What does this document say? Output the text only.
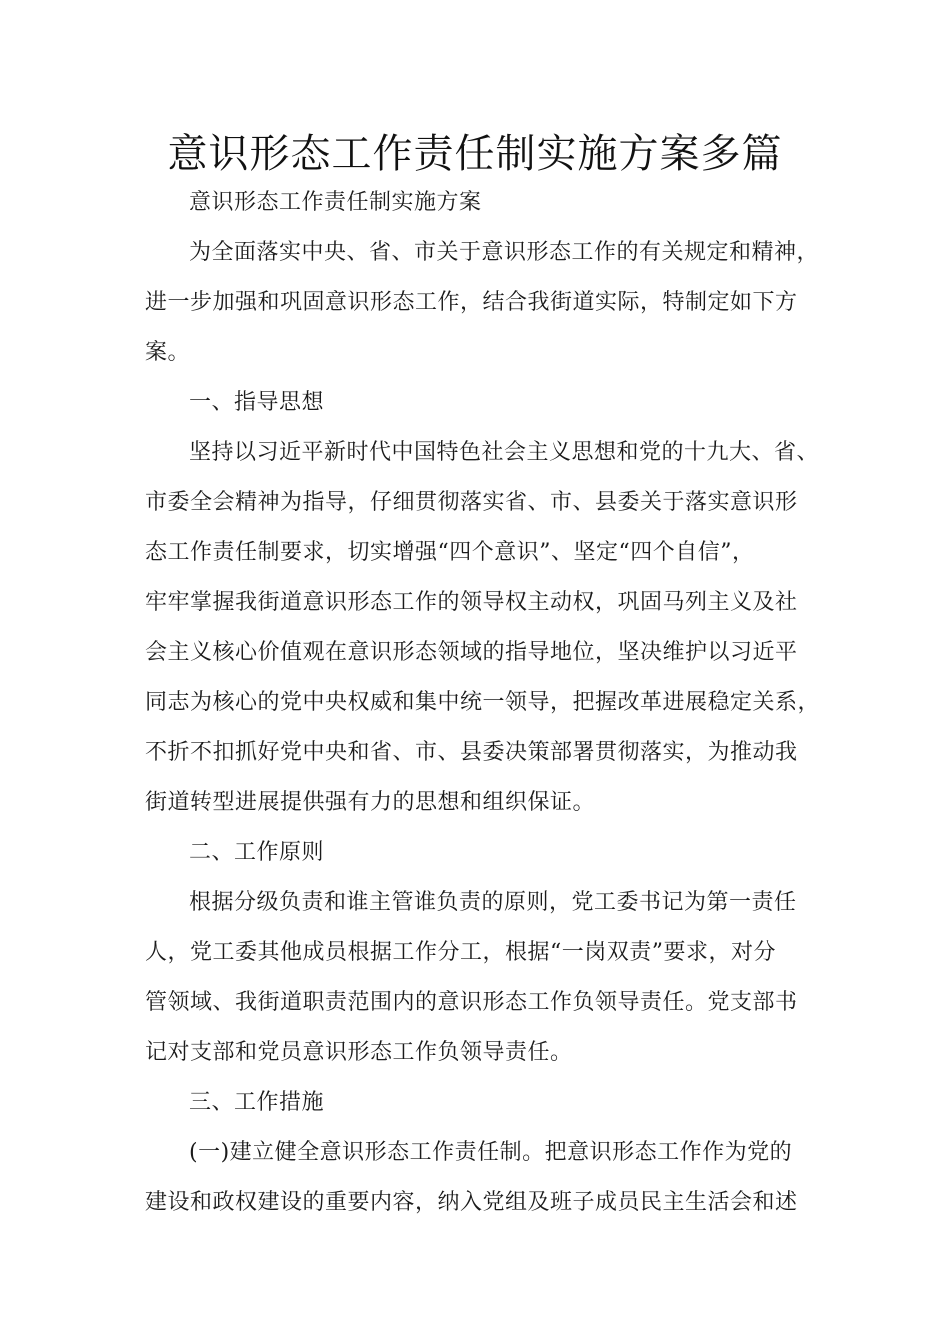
意识形态工作责任制实施方案多篇
意识形态工作责任制实施方案
为全面落实中央、省、市关于意识形态工作的有关规定和精神，
进一步加强和巩固意识形态工作，结合我街道实际，特制定如下方
案。
一、指导思想
坚持以习近平新时代中国特色社会主义思想和党的十九大、省、
市委全会精神为指导，仔细贯彻落实省、市、县委关于落实意识形
态工作责任制要求，切实增强“四个意识”、坚定“四个自信”，
牢牢掌握我街道意识形态工作的领导权主动权，巩固马列主义及社
会主义核心价值观在意识形态领域的指导地位，坚决维护以习近平
同志为核心的党中央权威和集中统一领导，把握改革进展稳定关系，
不折不扣抓好党中央和省、市、县委决策部署贯彻落实，为推动我
街道转型进展提供强有力的思想和组织保证。
二、工作原则
根据分级负责和谁主管谁负责的原则，党工委书记为第一责任
人，党工委其他成员根据工作分工，根据“一岗双责”要求，对分
管领域、我街道职责范围内的意识形态工作负领导责任。党支部书
记对支部和党员意识形态工作负领导责任。
三、工作措施
(一)建立健全意识形态工作责任制。把意识形态工作作为党的
建设和政权建设的重要内容，纳入党组及班子成员民主生活会和述
